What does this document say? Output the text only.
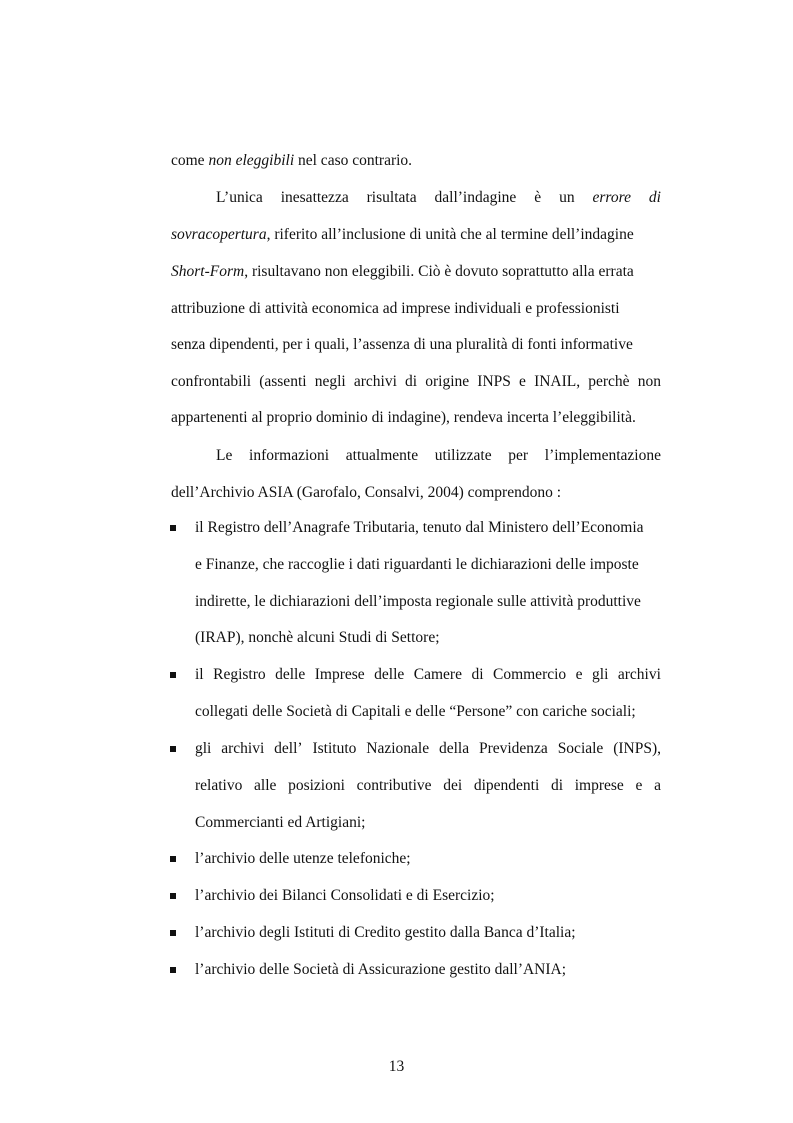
come non eleggibili nel caso contrario.
L’unica inesattezza risultata dall’indagine è un errore di
sovracopertura, riferito all’inclusione di unità che al termine dell’indagine
Short-Form, risultavano non eleggibili. Ciò è dovuto soprattutto alla errata
attribuzione di attività economica ad imprese individuali e professionisti
senza dipendenti, per i quali, l’assenza di una pluralità di fonti informative
confrontabili (assenti negli archivi di origine INPS e INAIL, perchè non
appartenenti al proprio dominio di indagine), rendeva incerta l’eleggibilità.
Le informazioni attualmente utilizzate per l’implementazione
dell’Archivio ASIA (Garofalo, Consalvi, 2004) comprendono :
il Registro dell’Anagrafe Tributaria, tenuto dal Ministero dell’Economia
e Finanze, che raccoglie i dati riguardanti le dichiarazioni delle imposte
indirette, le dichiarazioni dell’imposta regionale sulle attività produttive
(IRAP), nonchè alcuni Studi di Settore;
il Registro delle Imprese delle Camere di Commercio e gli archivi
collegati delle Società di Capitali e delle “Persone” con cariche sociali;
gli archivi dell’ Istituto Nazionale della Previdenza Sociale (INPS),
relativo alle posizioni contributive dei dipendenti di imprese e a
Commercianti ed Artigiani;
l’archivio delle utenze telefoniche;
l’archivio dei Bilanci Consolidati e di Esercizio;
l’archivio degli Istituti di Credito gestito dalla Banca d’Italia;
l’archivio delle Società di Assicurazione gestito dall’ANIA;
13
